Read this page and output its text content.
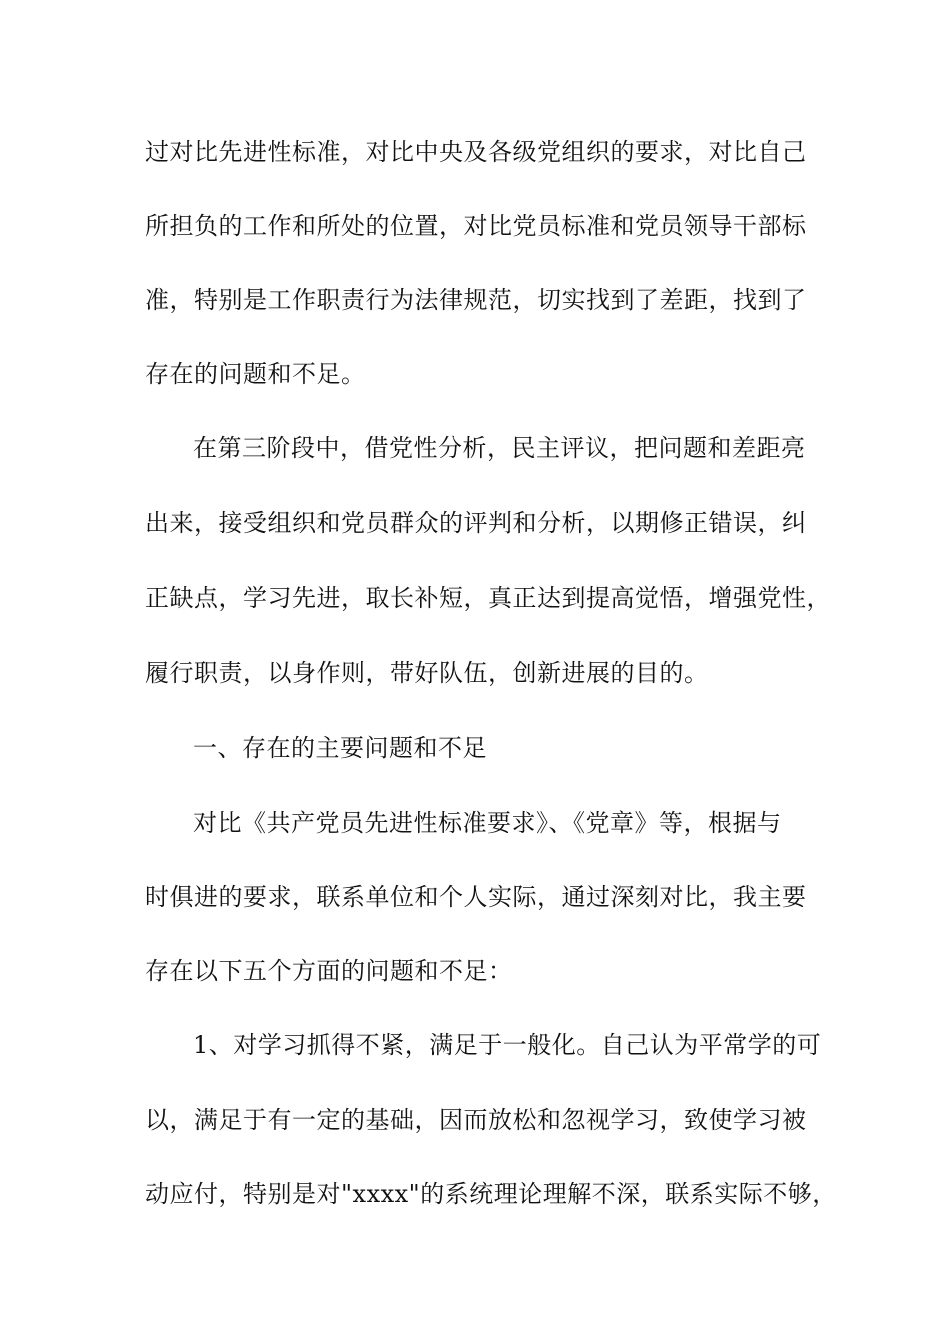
过对比先进性标准，对比中央及各级党组织的要求，对比自己
所担负的工作和所处的位置，对比党员标准和党员领导干部标
准，特别是工作职责行为法律规范，切实找到了差距，找到了
存在的问题和不足。
在第三阶段中，借党性分析，民主评议，把问题和差距亮
出来，接受组织和党员群众的评判和分析，以期修正错误，纠
正缺点，学习先进，取长补短，真正达到提高觉悟，增强党性，
履行职责，以身作则，带好队伍，创新进展的目的。
一、存在的主要问题和不足
对比《共产党员先进性标准要求》、《党章》等，根据与
时俱进的要求，联系单位和个人实际，通过深刻对比，我主要
存在以下五个方面的问题和不足：
1、对学习抓得不紧，满足于一般化。自己认为平常学的可
以，满足于有一定的基础，因而放松和忽视学习，致使学习被
动应付，特别是对"xxxx"的系统理论理解不深，联系实际不够，
